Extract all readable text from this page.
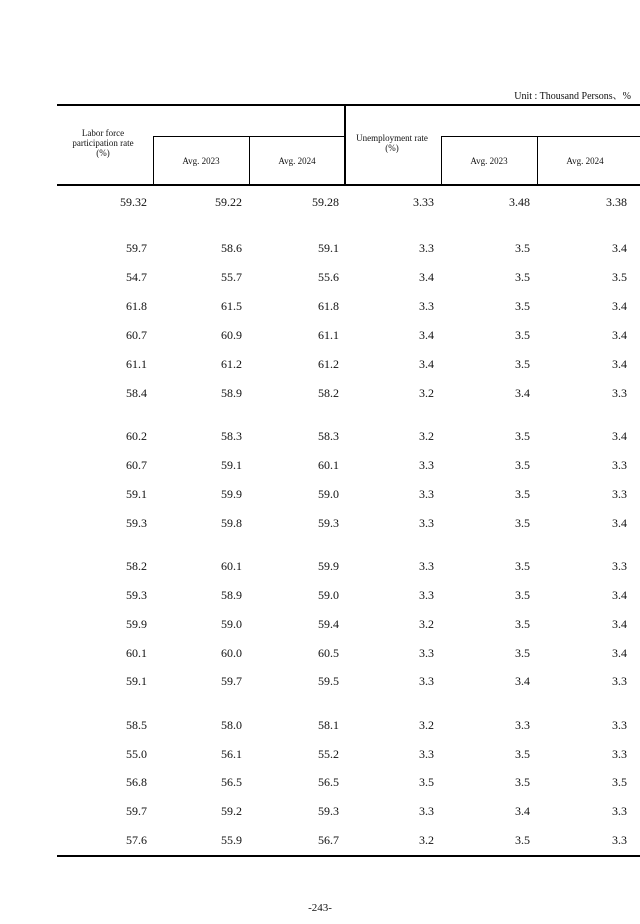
Unit : Thousand Persons、%
Labor force participation rate (%)
Avg. 2023	Avg. 2024
Unemployment rate (%)
Avg. 2023	Avg. 2024
59.32	59.22	59.28	3.33	3.48	3.38
59.7	58.6	59.1	3.3	3.5	3.4
54.7	55.7	55.6	3.4	3.5	3.5
61.8	61.5	61.8	3.3	3.5	3.4
60.7	60.9	61.1	3.4	3.5	3.4
61.1	61.2	61.2	3.4	3.5	3.4
58.4	58.9	58.2	3.2	3.4	3.3
60.2	58.3	58.3	3.2	3.5	3.4
60.7	59.1	60.1	3.3	3.5	3.3
59.1	59.9	59.0	3.3	3.5	3.3
59.3	59.8	59.3	3.3	3.5	3.4
58.2	60.1	59.9	3.3	3.5	3.3
59.3	58.9	59.0	3.3	3.5	3.4
59.9	59.0	59.4	3.2	3.5	3.4
60.1	60.0	60.5	3.3	3.5	3.4
59.1	59.7	59.5	3.3	3.4	3.3
58.5	58.0	58.1	3.2	3.3	3.3
55.0	56.1	55.2	3.3	3.5	3.3
56.8	56.5	56.5	3.5	3.5	3.5
59.7	59.2	59.3	3.3	3.4	3.3
57.6	55.9	56.7	3.2	3.5	3.3
-243-
